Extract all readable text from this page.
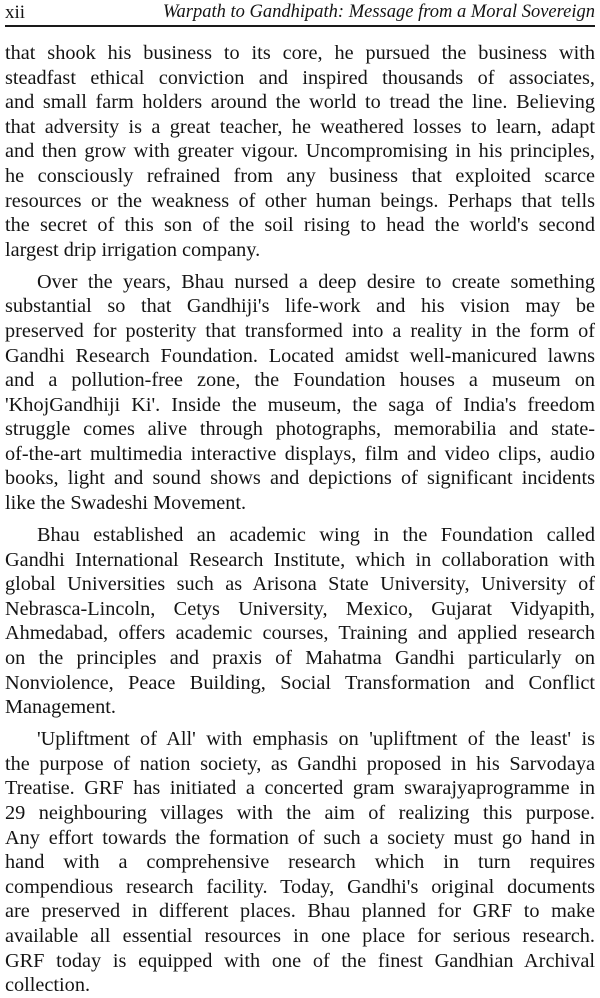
xii	Warpath to Gandhipath: Message from a Moral Sovereign
that shook his business to its core, he pursued the business with
steadfast ethical conviction and inspired thousands of associates,
and small farm holders around the world to tread the line. Believing
that adversity is a great teacher, he weathered losses to learn, adapt
and then grow with greater vigour. Uncompromising in his principles,
he consciously refrained from any business that exploited scarce
resources or the weakness of other human beings. Perhaps that tells
the secret of this son of the soil rising to head the world's second
largest drip irrigation company.
Over the years, Bhau nursed a deep desire to create something
substantial so that Gandhiji's life-work and his vision may be
preserved for posterity that transformed into a reality in the form of
Gandhi Research Foundation. Located amidst well-manicured lawns
and a pollution-free zone, the Foundation houses a museum on
'KhojGandhiji Ki'. Inside the museum, the saga of India's freedom
struggle comes alive through photographs, memorabilia and state-
of-the-art multimedia interactive displays, film and video clips, audio
books, light and sound shows and depictions of significant incidents
like the Swadeshi Movement.
Bhau established an academic wing in the Foundation called
Gandhi International Research Institute, which in collaboration with
global Universities such as Arisona State University, University of
Nebrasca-Lincoln, Cetys University, Mexico, Gujarat Vidyapith,
Ahmedabad, offers academic courses, Training and applied research
on the principles and praxis of Mahatma Gandhi particularly on
Nonviolence, Peace Building, Social Transformation and Conflict
Management.
'Upliftment of All' with emphasis on 'upliftment of the least' is
the purpose of nation society, as Gandhi proposed in his Sarvodaya
Treatise. GRF has initiated a concerted gram swarajyaprogramme in
29 neighbouring villages with the aim of realizing this purpose.
Any effort towards the formation of such a society must go hand in
hand with a comprehensive research which in turn requires
compendious research facility. Today, Gandhi's original documents
are preserved in different places. Bhau planned for GRF to make
available all essential resources in one place for serious research.
GRF today is equipped with one of the finest Gandhian Archival
collection.
